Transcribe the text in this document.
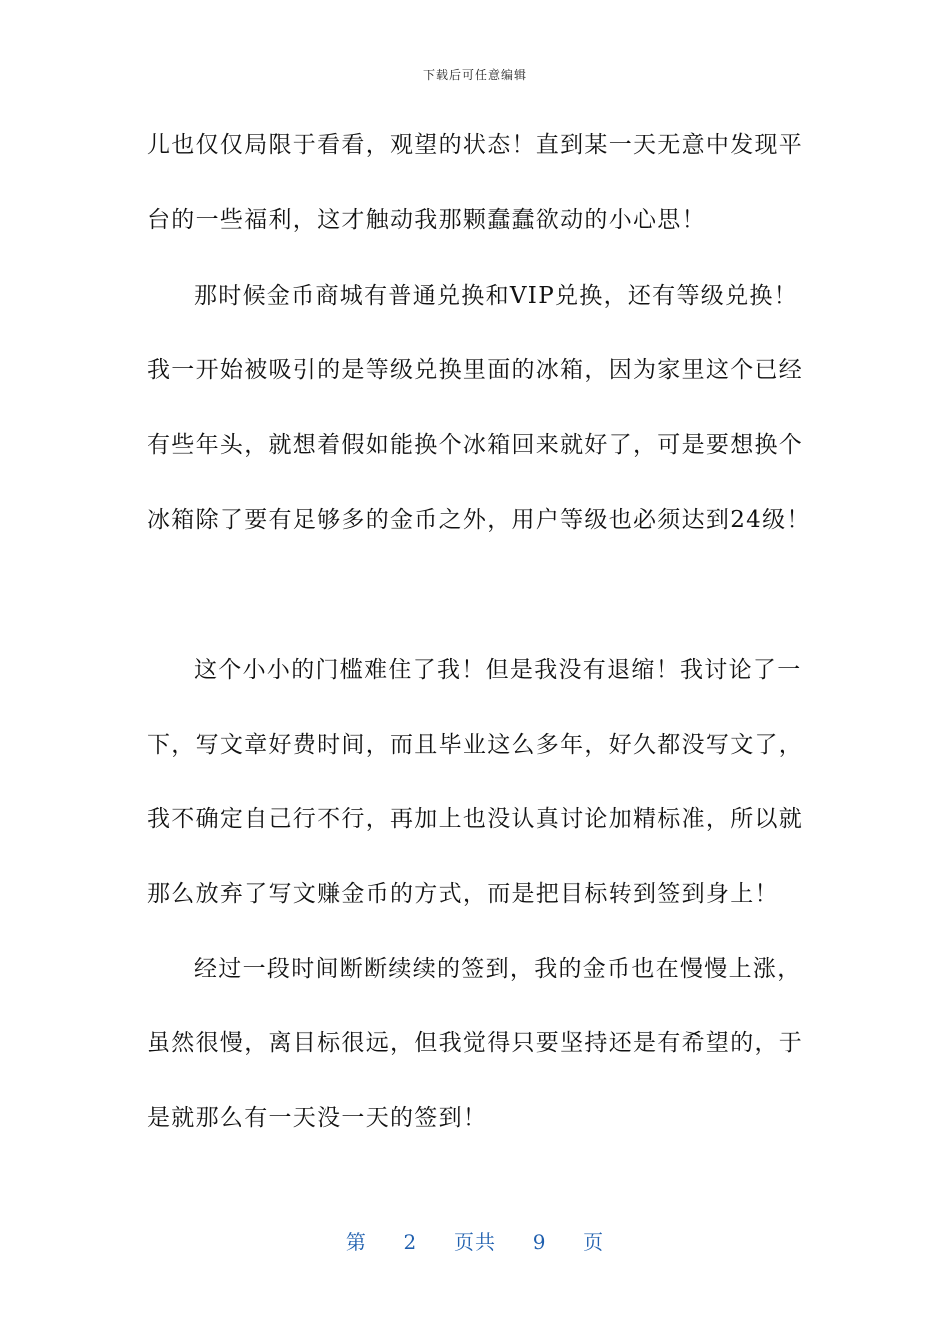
下载后可任意编辑
儿也仅仅局限于看看，观望的状态！直到某一天无意中发现平
台的一些福利，这才触动我那颗蠢蠢欲动的小心思！
那时候金币商城有普通兑换和VIP兑换，还有等级兑换！
我一开始被吸引的是等级兑换里面的冰箱，因为家里这个已经
有些年头，就想着假如能换个冰箱回来就好了，可是要想换个
冰箱除了要有足够多的金币之外，用户等级也必须达到24级！
这个小小的门槛难住了我！但是我没有退缩！我讨论了一
下，写文章好费时间，而且毕业这么多年，好久都没写文了，
我不确定自己行不行，再加上也没认真讨论加精标准，所以就
那么放弃了写文赚金币的方式，而是把目标转到签到身上！
经过一段时间断断续续的签到，我的金币也在慢慢上涨，
虽然很慢，离目标很远，但我觉得只要坚持还是有希望的，于
是就那么有一天没一天的签到！
第 2 页共 9 页
